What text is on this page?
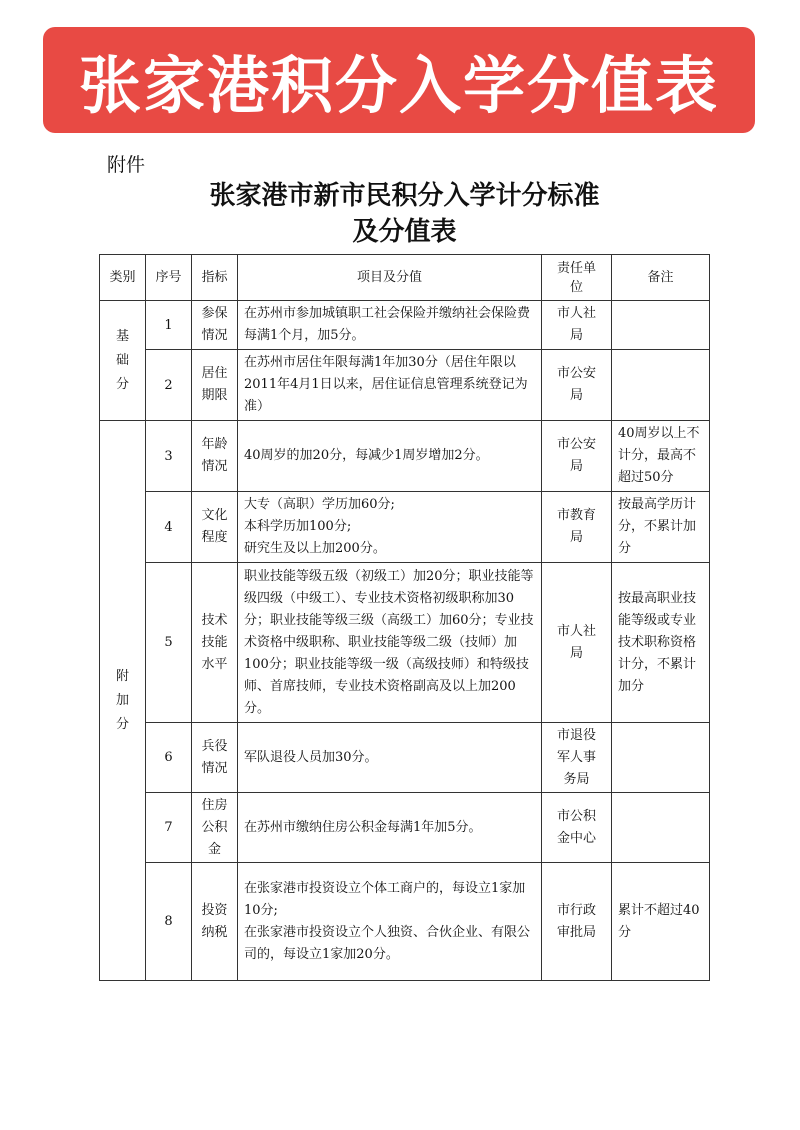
张家港积分入学分值表
附件
张家港市新市民积分入学计分标准
及分值表
类别	序号	指标	项目及分值	责任单位	备注
基础分	1	参保情况	在苏州市参加城镇职工社会保险并缴纳社会保险费每满1个月，加5分。	市人社局	
	2	居住期限	在苏州市居住年限每满1年加30分（居住年限以2011年4月1日以来，居住证信息管理系统登记为准）	市公安局	
附加分	3	年龄情况	40周岁的加20分，每减少1周岁增加2分。	市公安局	40周岁以上不计分，最高不超过50分
	4	文化程度	大专（高职）学历加60分;
本科学历加100分;
研究生及以上加200分。	市教育局	按最高学历计分，不累计加分
	5	技术技能水平	职业技能等级五级（初级工）加20分；职业技能等级四级（中级工）、专业技术资格初级职称加30分；职业技能等级三级（高级工）加60分；专业技术资格中级职称、职业技能等级二级（技师）加100分；职业技能等级一级（高级技师）和特级技师、首席技师，专业技术资格副高及以上加200分。	市人社局	按最高职业技能等级或专业技术职称资格计分，不累计加分
	6	兵役情况	军队退役人员加30分。	市退役军人事务局	
	7	住房公积金	在苏州市缴纳住房公积金每满1年加5分。	市公积金中心	
	8	投资纳税	在张家港市投资设立个体工商户的，每设立1家加10分;
在张家港市投资设立个人独资、合伙企业、有限公司的，每设立1家加20分。	市行政审批局	累计不超过40分
